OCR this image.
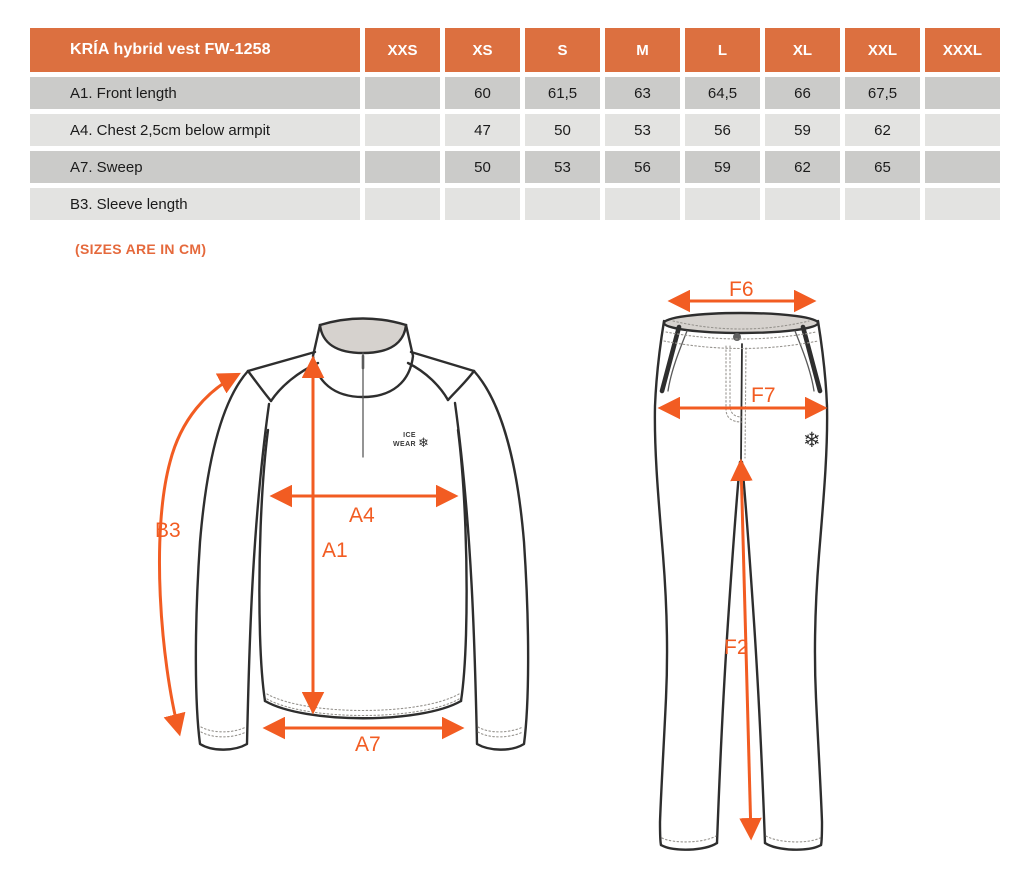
KRÍA hybrid vest FW-1258	XXS	XS	S	M	L	XL	XXL	XXXL
A1. Front length		60	61,5	63	64,5	66	67,5	
A4. Chest 2,5cm below armpit		47	50	53	56	59	62	
A7. Sweep		50	53	56	59	62	65	
B3. Sleeve length								
(SIZES ARE IN CM)
ICE
WEAR ❄
B3
A4
A1
A7
❄
F6
F7
F2
